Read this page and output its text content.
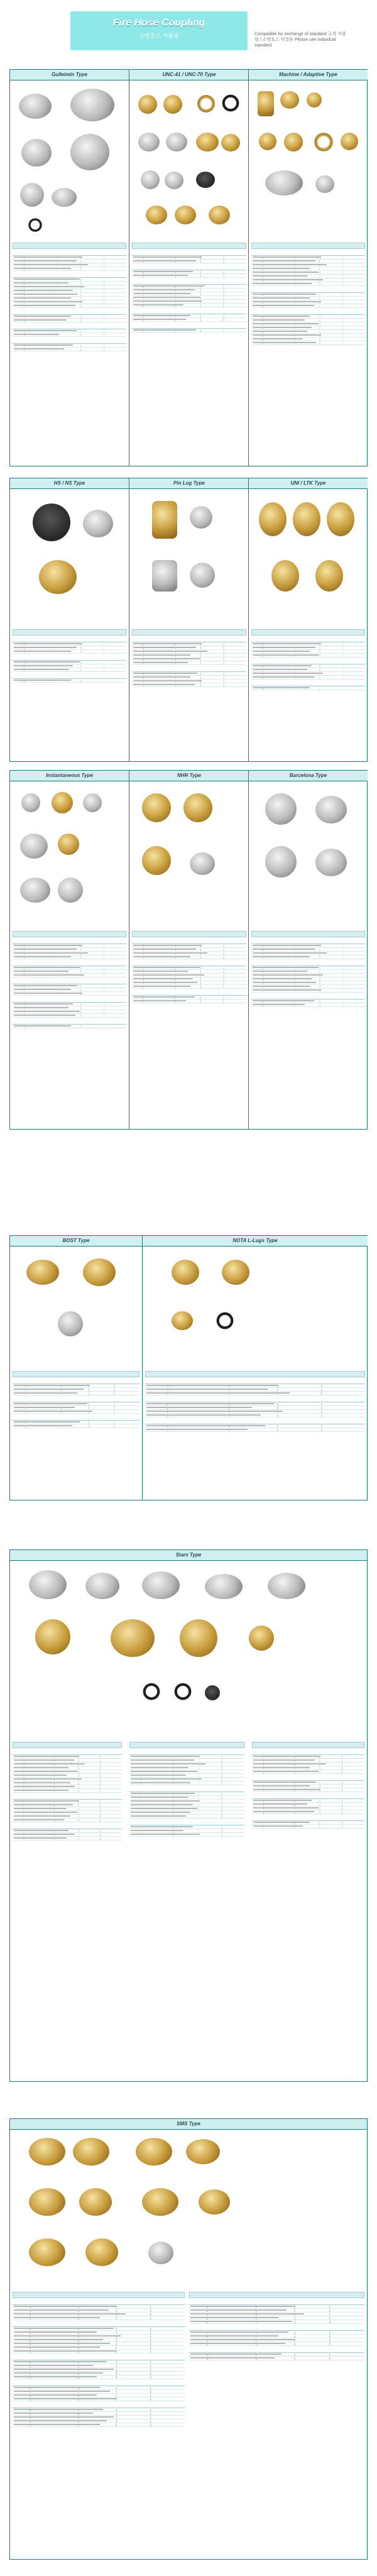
Fire Hose Coupling
소방호스 커플링	Compatible for exchange of standard 규격 커플링 / 소방호스 연결부 Please see individual standard
Gulleimin Type

	UNC-41 / UNC-70 Type

	Machine / Adaptive Type

HS / NS Type

	Pin Lug Type

	UNI / LTK Type

Instantaneous Type

	NHR Type

	Barcelona Type

BOST Type

	NOTA L-Lugs Type

Stars Type

SMS Type
